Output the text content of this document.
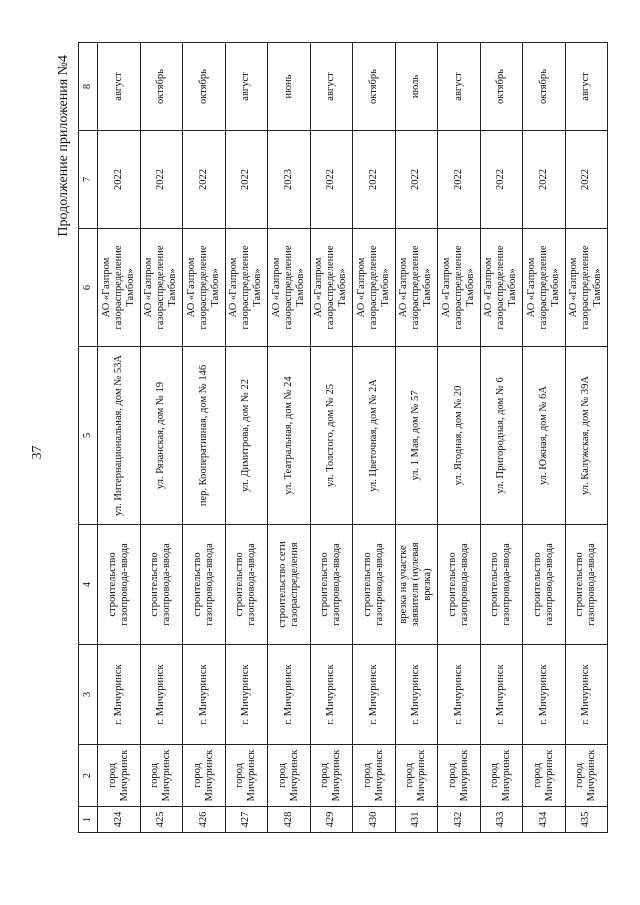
37
Продолжение приложения №4
1	2	3	4	5	6	7	8
424	город Мичуринск	г. Мичуринск	строительство газопровода-ввода	ул. Интернациональная, дом № 53А	АО «Газпром газораспределение Тамбов»	2022	август
425	город Мичуринск	г. Мичуринск	строительство газопровода-ввода	ул. Рязанская, дом № 19	АО «Газпром газораспределение Тамбов»	2022	октябрь
426	город Мичуринск	г. Мичуринск	строительство газопровода-ввода	пер. Кооперативная, дом № 146	АО «Газпром газораспределение Тамбов»	2022	октябрь
427	город Мичуринск	г. Мичуринск	строительство газопровода-ввода	ул. Димитрова, дом № 22	АО «Газпром газораспределение Тамбов»	2022	август
428	город Мичуринск	г. Мичуринск	строительство сети газораспределения	ул. Театральная, дом № 24	АО «Газпром газораспределение Тамбов»	2023	июнь
429	город Мичуринск	г. Мичуринск	строительство газопровода-ввода	ул. Толстого, дом № 25	АО «Газпром газораспределение Тамбов»	2022	август
430	город Мичуринск	г. Мичуринск	строительство газопровода-ввода	ул. Цветочная, дом № 2А	АО «Газпром газораспределение Тамбов»	2022	октябрь
431	город Мичуринск	г. Мичуринск	врезка на участке заявителя (нулевая врезка)	ул. 1 Мая, дом № 57	АО «Газпром газораспределение Тамбов»	2022	июль
432	город Мичуринск	г. Мичуринск	строительство газопровода-ввода	ул. Ягодная, дом № 20	АО «Газпром газораспределение Тамбов»	2022	август
433	город Мичуринск	г. Мичуринск	строительство газопровода-ввода	ул. Пригородная, дом № 6	АО «Газпром газораспределение Тамбов»	2022	октябрь
434	город Мичуринск	г. Мичуринск	строительство газопровода-ввода	ул. Южная, дом № 6А	АО «Газпром газораспределение Тамбов»	2022	октябрь
435	город Мичуринск	г. Мичуринск	строительство газопровода-ввода	ул. Калужская, дом № 39А	АО «Газпром газораспределение Тамбов»	2022	август
